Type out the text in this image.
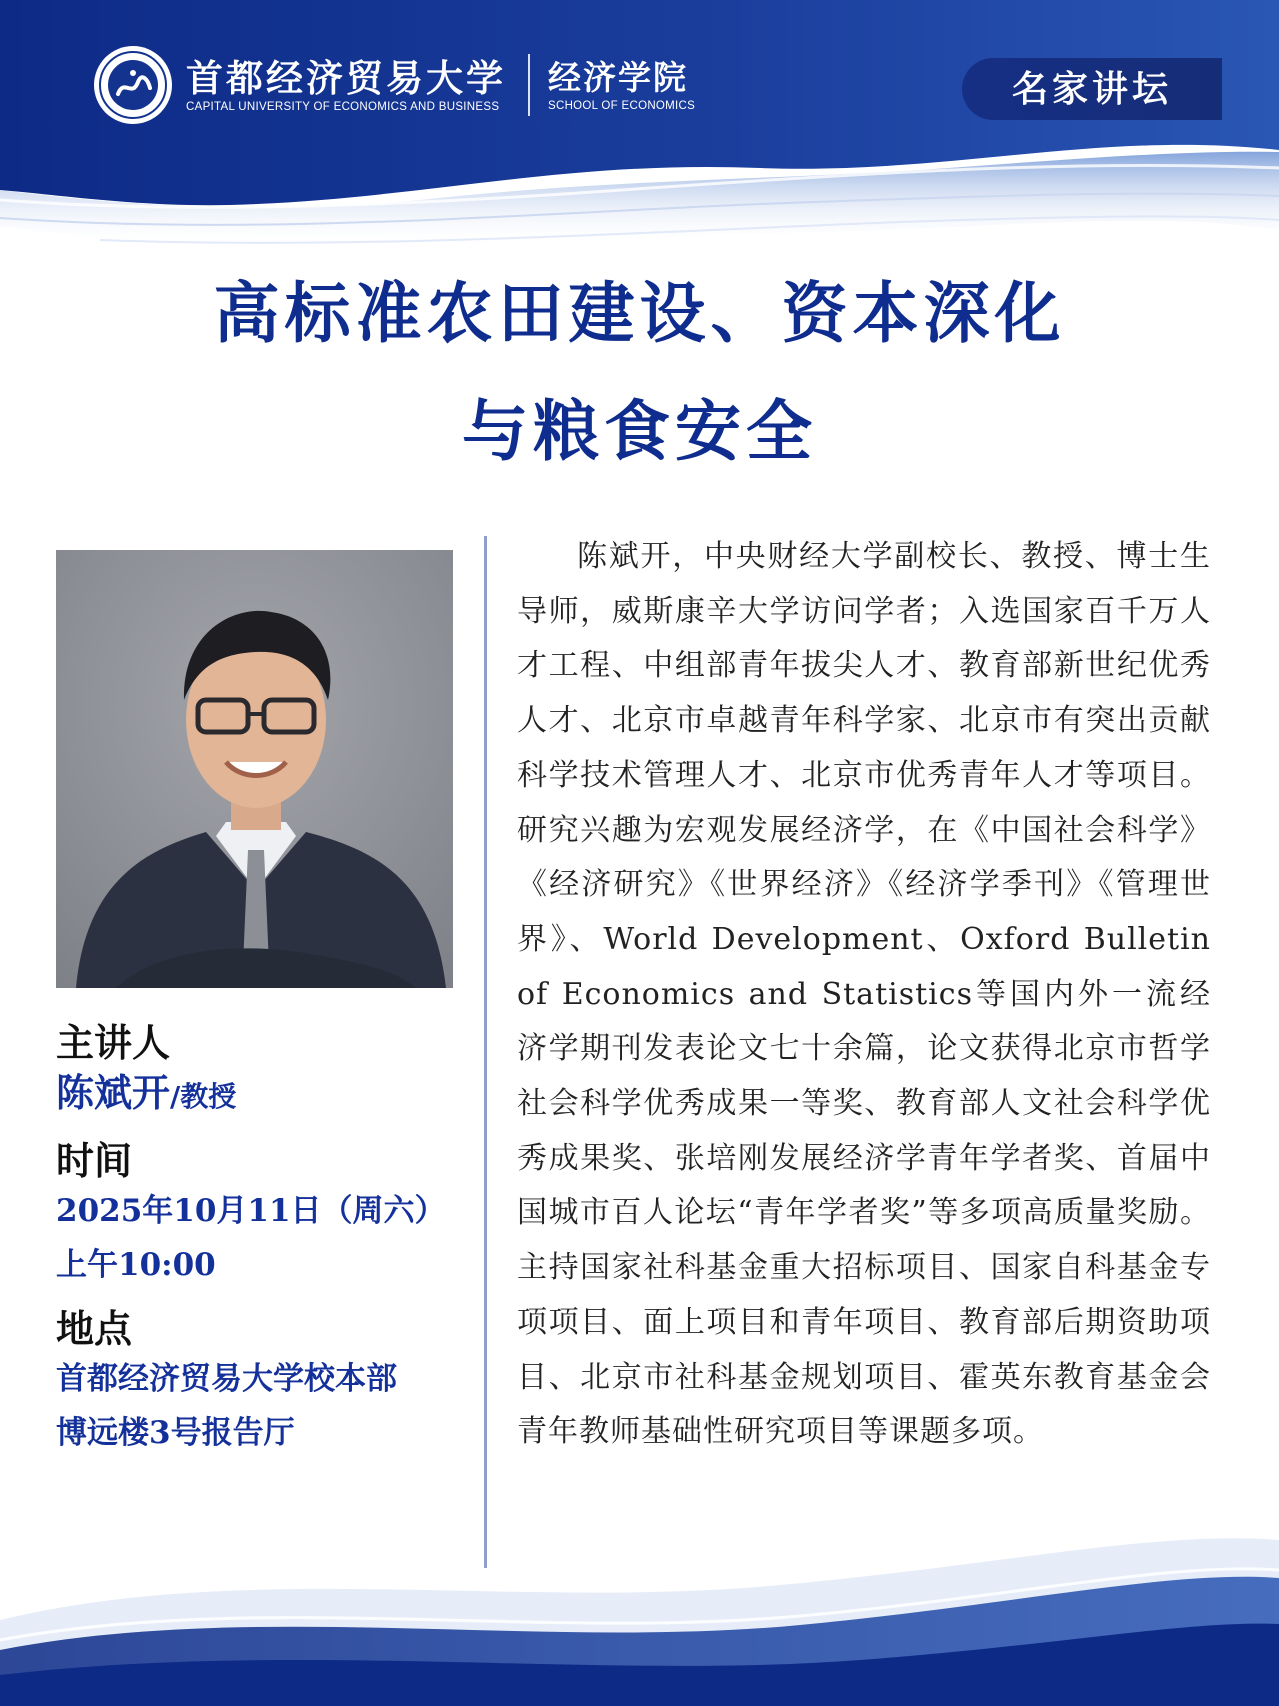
首都经济贸易大学
CAPITAL UNIVERSITY OF ECONOMICS AND BUSINESS
经济学院
SCHOOL OF ECONOMICS	名家讲坛
高标准农田建设、资本深化
与粮食安全
主讲人
陈斌开/教授
时间
2025年10月11日（周六）
上午10:00
地点
首都经济贸易大学校本部
博远楼3号报告厅
陈斌开，中央财经大学副校长、教授、博士生导师，威斯康辛大学访问学者；入选国家百千万人才工程、中组部青年拔尖人才、教育部新世纪优秀人才、北京市卓越青年科学家、北京市有突出贡献科学技术管理人才、北京市优秀青年人才等项目。研究兴趣为宏观发展经济学，在《中国社会科学》《经济研究》《世界经济》《经济学季刊》《管理世界》、World Development、Oxford Bulletin of Economics and Statistics等国内外一流经济学期刊发表论文七十余篇，论文获得北京市哲学社会科学优秀成果一等奖、教育部人文社会科学优秀成果奖、张培刚发展经济学青年学者奖、首届中国城市百人论坛“青年学者奖”等多项高质量奖励。主持国家社科基金重大招标项目、国家自科基金专项项目、面上项目和青年项目、教育部后期资助项目、北京市社科基金规划项目、霍英东教育基金会青年教师基础性研究项目等课题多项。
